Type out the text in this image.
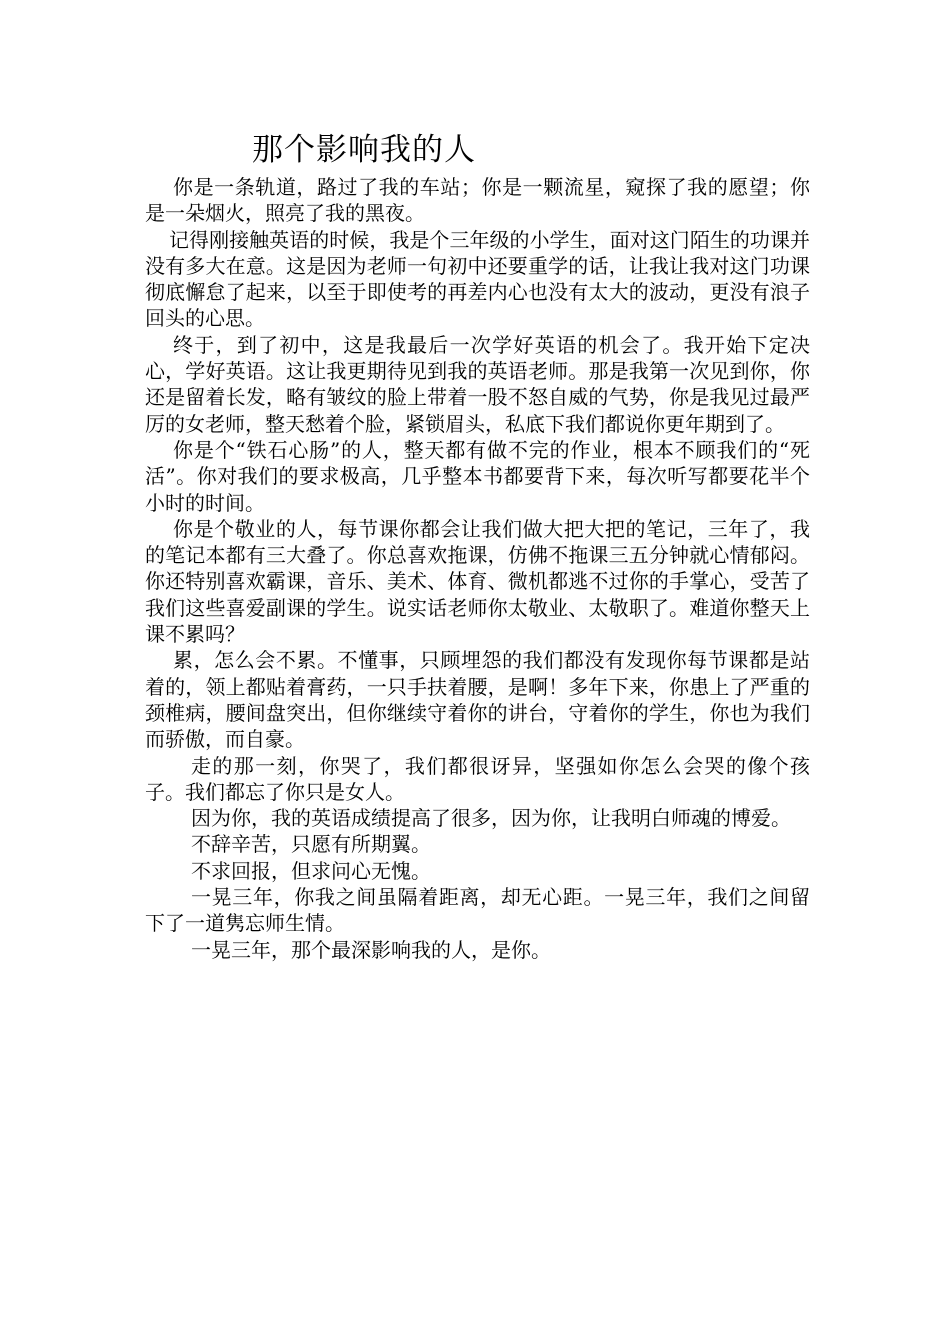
那个影响我的人

你是一条轨道，路过了我的车站；你是一颗流星，窥探了我的愿望；你是一朵烟火，照亮了我的黑夜。

记得刚接触英语的时候，我是个三年级的小学生，面对这门陌生的功课并没有多大在意。这是因为老师一句初中还要重学的话，让我让我对这门功课彻底懈怠了起来，以至于即使考的再差内心也没有太大的波动，更没有浪子回头的心思。

终于，到了初中，这是我最后一次学好英语的机会了。我开始下定决心，学好英语。这让我更期待见到我的英语老师。那是我第一次见到你，你还是留着长发，略有皱纹的脸上带着一股不怒自威的气势，你是我见过最严厉的女老师，整天愁着个脸，紧锁眉头，私底下我们都说你更年期到了。

你是个“铁石心肠”的人，整天都有做不完的作业，根本不顾我们的“死活”。你对我们的要求极高，几乎整本书都要背下来，每次听写都要花半个小时的时间。

你是个敬业的人，每节课你都会让我们做大把大把的笔记，三年了，我的笔记本都有三大叠了。你总喜欢拖课，仿佛不拖课三五分钟就心情郁闷。你还特别喜欢霸课，音乐、美术、体育、微机都逃不过你的手掌心，受苦了我们这些喜爱副课的学生。说实话老师你太敬业、太敬职了。难道你整天上课不累吗？

累，怎么会不累。不懂事，只顾埋怨的我们都没有发现你每节课都是站着的，领上都贴着膏药，一只手扶着腰，是啊！多年下来，你患上了严重的颈椎病，腰间盘突出，但你继续守着你的讲台，守着你的学生，你也为我们而骄傲，而自豪。

走的那一刻，你哭了，我们都很讶异，坚强如你怎么会哭的像个孩子。我们都忘了你只是女人。

因为你，我的英语成绩提高了很多，因为你，让我明白师魂的博爱。

不辞辛苦，只愿有所期翼。

不求回报，但求问心无愧。

一晃三年，你我之间虽隔着距离，却无心距。一晃三年，我们之间留下了一道隽忘师生情。

一晃三年，那个最深影响我的人，是你。
